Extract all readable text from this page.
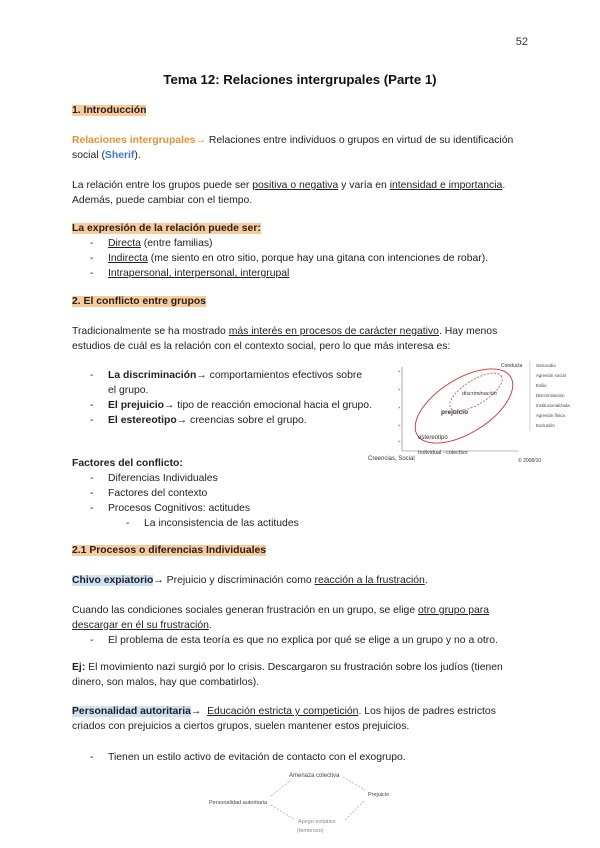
52
Tema 12: Relaciones intergrupales (Parte 1)
1. Introducción
Relaciones intergrupales→ Relaciones entre individuos o grupos en virtud de su identificación social (Sherif).
La relación entre los grupos puede ser positiva o negativa y varía en intensidad e importancia. Además, puede cambiar con el tiempo.
La expresión de la relación puede ser:
- Directa (entre familias)
- Indirecta (me siento en otro sitio, porque hay una gitana con intenciones de robar).
- Intrapersonal, interpersonal, intergrupal
2. El conflicto entre grupos
Tradicionalmente se ha mostrado más interés en procesos de carácter negativo. Hay menos estudios de cuál es la relación con el contexto social, pero lo que más interesa es:
- La discriminación→ comportamientos efectivos sobre el grupo.
- El prejuicio→ tipo de reacción emocional hacia el grupo.
- El estereotipo→ creencias sobre el grupo.
Factores del conflicto:
- Diferencias Individuales
- Factores del contexto
- Procesos Cognitivos: actitudes
- La inconsistencia de las actitudes
×
×
×
×
×
discriminación
prejuicio
estereotipo
Creencias, Social
Individual - colectivo
Conducta	Genocidio
Agresión social
Exilio
Discriminación
Institucionalizada
Agresión física
Exclusión
© 2008/10
2.1 Procesos o diferencias Individuales
Chivo expiatorio→ Prejuicio y discriminación como reacción a la frustración.
Cuando las condiciones sociales generan frustración en un grupo, se elige otro grupo para descargar en él su frustración.
- El problema de esta teoría es que no explica por qué se elige a un grupo y no a otro.
Ej: El movimiento nazi surgió por lo crisis. Descargaron su frustración sobre los judíos (tienen dinero, son malos, hay que combatirlos).
Personalidad autoritaria→ Educación estricta y competición. Los hijos de padres estrictos criados con prejuicios a ciertos grupos, suelen mantener estos prejuicios.
- Tienen un estilo activo de evitación de contacto con el exogrupo.
Amenaza colectiva
Personalidad autoritaria
Prejuicio
Apego evitativo
(temeroso)
